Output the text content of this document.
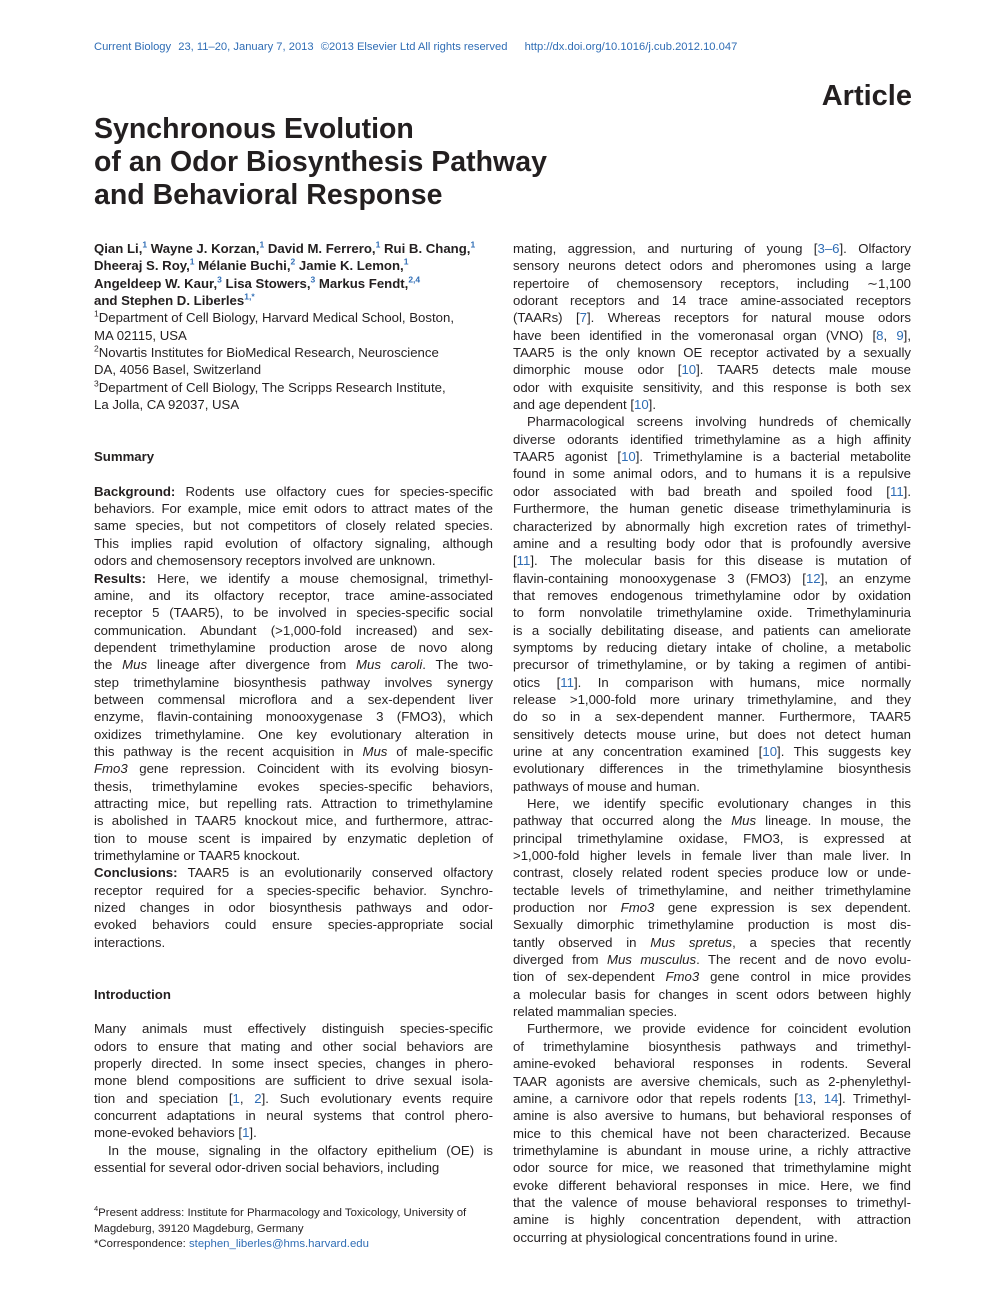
Current Biology 23, 11–20, January 7, 2013 ©2013 Elsevier Ltd All rights reserved http://dx.doi.org/10.1016/j.cub.2012.10.047
Article
Synchronous Evolution
of an Odor Biosynthesis Pathway
and Behavioral Response
Qian Li,$^1$ Wayne J. Korzan,$^1$ David M. Ferrero,$^1$ Rui B. Chang,$^1$
Dheeraj S. Roy,$^1$ Mélanie Buchi,$^2$ Jamie K. Lemon,$^1$
Angeldeep W. Kaur,$^3$ Lisa Stowers,$^3$ Markus Fendt,$^{2,4}$
and Stephen D. Liberles$^{1,*}$
$^1$Department of Cell Biology, Harvard Medical School, Boston,
MA 02115, USA
$^2$Novartis Institutes for BioMedical Research, Neuroscience
DA, 4056 Basel, Switzerland
$^3$Department of Cell Biology, The Scripps Research Institute,
La Jolla, CA 92037, USA

Summary

Background: Rodents use olfactory cues for species-specific
behaviors. For example, mice emit odors to attract mates of the
same species, but not competitors of closely related species.
This implies rapid evolution of olfactory signaling, although
odors and chemosensory receptors involved are unknown.
Results: Here, we identify a mouse chemosignal, trimethyl-
amine, and its olfactory receptor, trace amine-associated
receptor 5 (TAAR5), to be involved in species-specific social
communication. Abundant (>1,000-fold increased) and sex-
dependent trimethylamine production arose de novo along
the Mus lineage after divergence from Mus caroli. The two-
step trimethylamine biosynthesis pathway involves synergy
between commensal microflora and a sex-dependent liver
enzyme, flavin-containing monooxygenase 3 (FMO3), which
oxidizes trimethylamine. One key evolutionary alteration in
this pathway is the recent acquisition in Mus of male-specific
Fmo3 gene repression. Coincident with its evolving biosyn-
thesis, trimethylamine evokes species-specific behaviors,
attracting mice, but repelling rats. Attraction to trimethylamine
is abolished in TAAR5 knockout mice, and furthermore, attrac-
tion to mouse scent is impaired by enzymatic depletion of
trimethylamine or TAAR5 knockout.
Conclusions: TAAR5 is an evolutionarily conserved olfactory
receptor required for a species-specific behavior. Synchro-
nized changes in odor biosynthesis pathways and odor-
evoked behaviors could ensure species-appropriate social
interactions.

Introduction

Many animals must effectively distinguish species-specific
odors to ensure that mating and other social behaviors are
properly directed. In some insect species, changes in phero-
mone blend compositions are sufficient to drive sexual isola-
tion and speciation [1, 2]. Such evolutionary events require
concurrent adaptations in neural systems that control phero-
mone-evoked behaviors [1].
In the mouse, signaling in the olfactory epithelium (OE) is
essential for several odor-driven social behaviors, including
mating, aggression, and nurturing of young [3–6]. Olfactory
sensory neurons detect odors and pheromones using a large
repertoire of chemosensory receptors, including ∼1,100
odorant receptors and 14 trace amine-associated receptors
(TAARs) [7]. Whereas receptors for natural mouse odors
have been identified in the vomeronasal organ (VNO) [8, 9],
TAAR5 is the only known OE receptor activated by a sexually
dimorphic mouse odor [10]. TAAR5 detects male mouse
odor with exquisite sensitivity, and this response is both sex
and age dependent [10].
Pharmacological screens involving hundreds of chemically
diverse odorants identified trimethylamine as a high affinity
TAAR5 agonist [10]. Trimethylamine is a bacterial metabolite
found in some animal odors, and to humans it is a repulsive
odor associated with bad breath and spoiled food [11].
Furthermore, the human genetic disease trimethylaminuria is
characterized by abnormally high excretion rates of trimethyl-
amine and a resulting body odor that is profoundly aversive
[11]. The molecular basis for this disease is mutation of
flavin-containing monooxygenase 3 (FMO3) [12], an enzyme
that removes endogenous trimethylamine odor by oxidation
to form nonvolatile trimethylamine oxide. Trimethylaminuria
is a socially debilitating disease, and patients can ameliorate
symptoms by reducing dietary intake of choline, a metabolic
precursor of trimethylamine, or by taking a regimen of antibi-
otics [11]. In comparison with humans, mice normally
release >1,000-fold more urinary trimethylamine, and they
do so in a sex-dependent manner. Furthermore, TAAR5
sensitively detects mouse urine, but does not detect human
urine at any concentration examined [10]. This suggests key
evolutionary differences in the trimethylamine biosynthesis
pathways of mouse and human.
Here, we identify specific evolutionary changes in this
pathway that occurred along the Mus lineage. In mouse, the
principal trimethylamine oxidase, FMO3, is expressed at
>1,000-fold higher levels in female liver than male liver. In
contrast, closely related rodent species produce low or unde-
tectable levels of trimethylamine, and neither trimethylamine
production nor Fmo3 gene expression is sex dependent.
Sexually dimorphic trimethylamine production is most dis-
tantly observed in Mus spretus, a species that recently
diverged from Mus musculus. The recent and de novo evolu-
tion of sex-dependent Fmo3 gene control in mice provides
a molecular basis for changes in scent odors between highly
related mammalian species.
Furthermore, we provide evidence for coincident evolution
of trimethylamine biosynthesis pathways and trimethyl-
amine-evoked behavioral responses in rodents. Several
TAAR agonists are aversive chemicals, such as 2-phenylethyl-
amine, a carnivore odor that repels rodents [13, 14]. Trimethyl-
amine is also aversive to humans, but behavioral responses of
mice to this chemical have not been characterized. Because
trimethylamine is abundant in mouse urine, a richly attractive
odor source for mice, we reasoned that trimethylamine might
evoke different behavioral responses in mice. Here, we find
that the valence of mouse behavioral responses to trimethyl-
amine is highly concentration dependent, with attraction
occurring at physiological concentrations found in urine.
$^4$Present address: Institute for Pharmacology and Toxicology, University of
Magdeburg, 39120 Magdeburg, Germany
*Correspondence: stephen_liberles@hms.harvard.edu
